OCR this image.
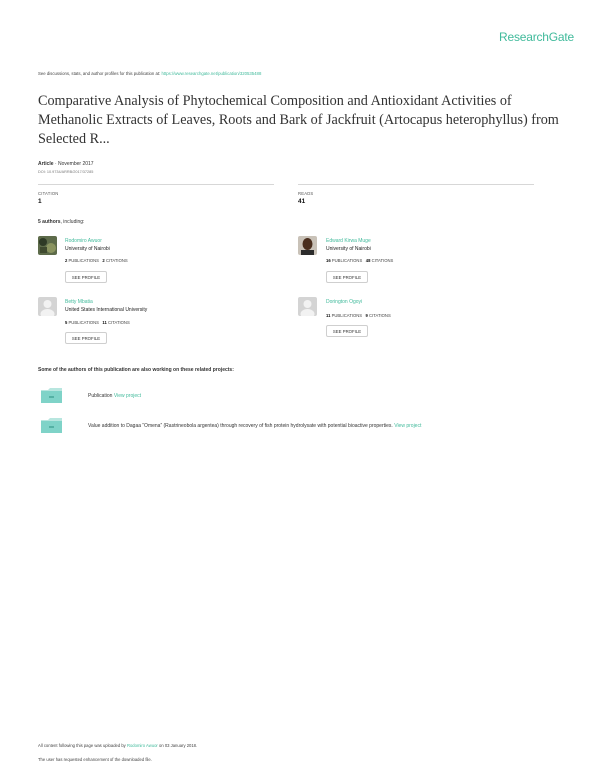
ResearchGate
See discussions, stats, and author profiles for this publication at: https://www.researchgate.net/publication/320535488
Comparative Analysis of Phytochemical Composition and Antioxidant Activities of Methanolic Extracts of Leaves, Roots and Bark of Jackfruit (Artocapus heterophyllus) from Selected R...
Article · November 2017
DOI: 10.9734/ARRB/2017/37285
CITATION
1
READS
41
5 authors, including:
Rodomiro Awuor
University of Nairobi
2 PUBLICATIONS 2 CITATIONS
SEE PROFILE
Edward Kirwa Muge
University of Nairobi
16 PUBLICATIONS 48 CITATIONS
SEE PROFILE
Betty Mbatia
United States International University
5 PUBLICATIONS 11 CITATIONS
SEE PROFILE
Dorington Ogoyi
11 PUBLICATIONS 9 CITATIONS
SEE PROFILE
Some of the authors of this publication are also working on these related projects:
Publication View project
Value addition to Dagaa “Omena” (Rastrineobola argentea) through recovery of fish protein hydrolysate with potential bioactive properties. View project
All content following this page was uploaded by Rodomiro Awuor on 03 January 2018.
The user has requested enhancement of the downloaded file.
